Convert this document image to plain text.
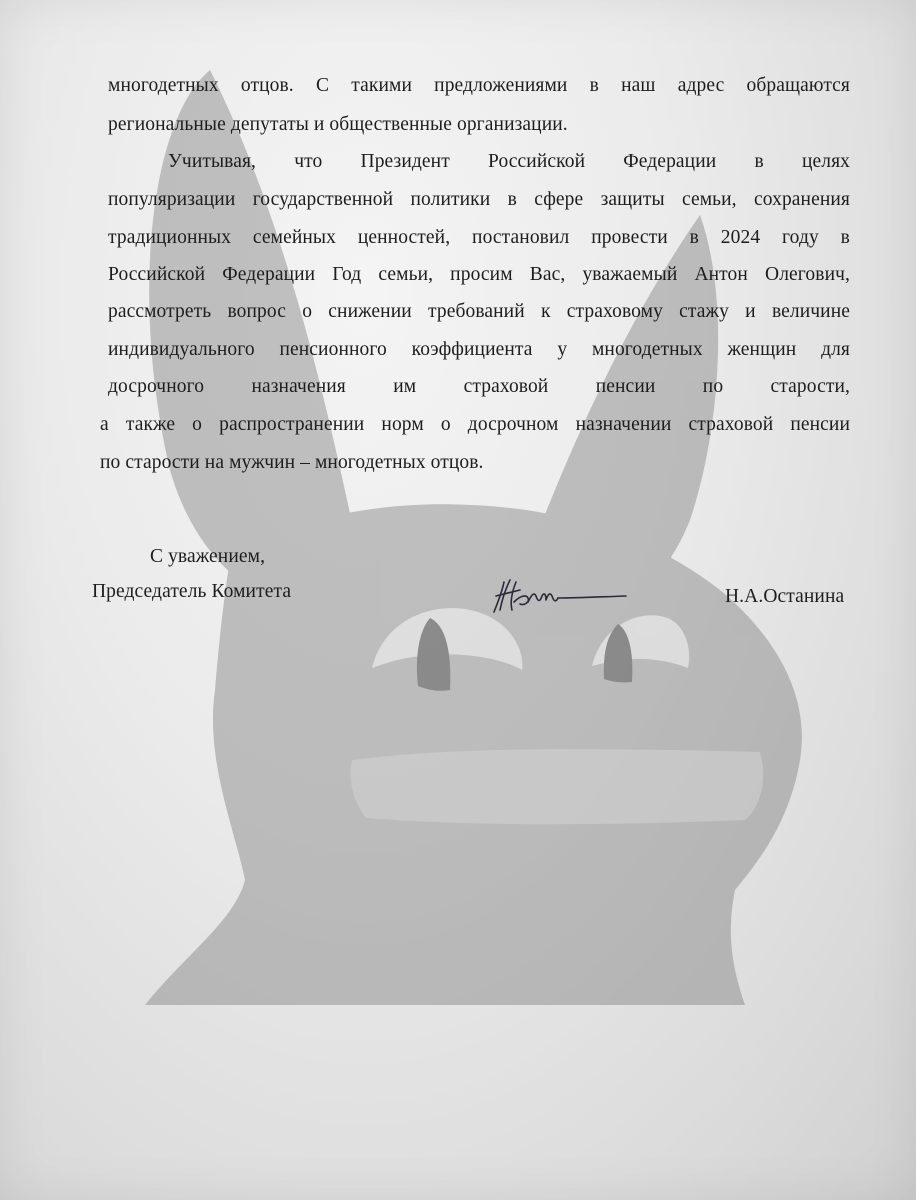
многодетных отцов. С такими предложениями в наш адрес обращаются
региональные депутаты и общественные организации.
Учитывая, что Президент Российской Федерации в целях
популяризации государственной политики в сфере защиты семьи, сохранения
традиционных семейных ценностей, постановил провести в 2024 году в
Российской Федерации Год семьи, просим Вас, уважаемый Антон Олегович,
рассмотреть вопрос о снижении требований к страховому стажу и величине
индивидуального пенсионного коэффициента у многодетных женщин для
досрочного назначения им страховой пенсии по старости,
а также о распространении норм о досрочном назначении страховой пенсии
по старости на мужчин – многодетных отцов.
С уважением,
Председатель Комитета	Н.А.Останина
